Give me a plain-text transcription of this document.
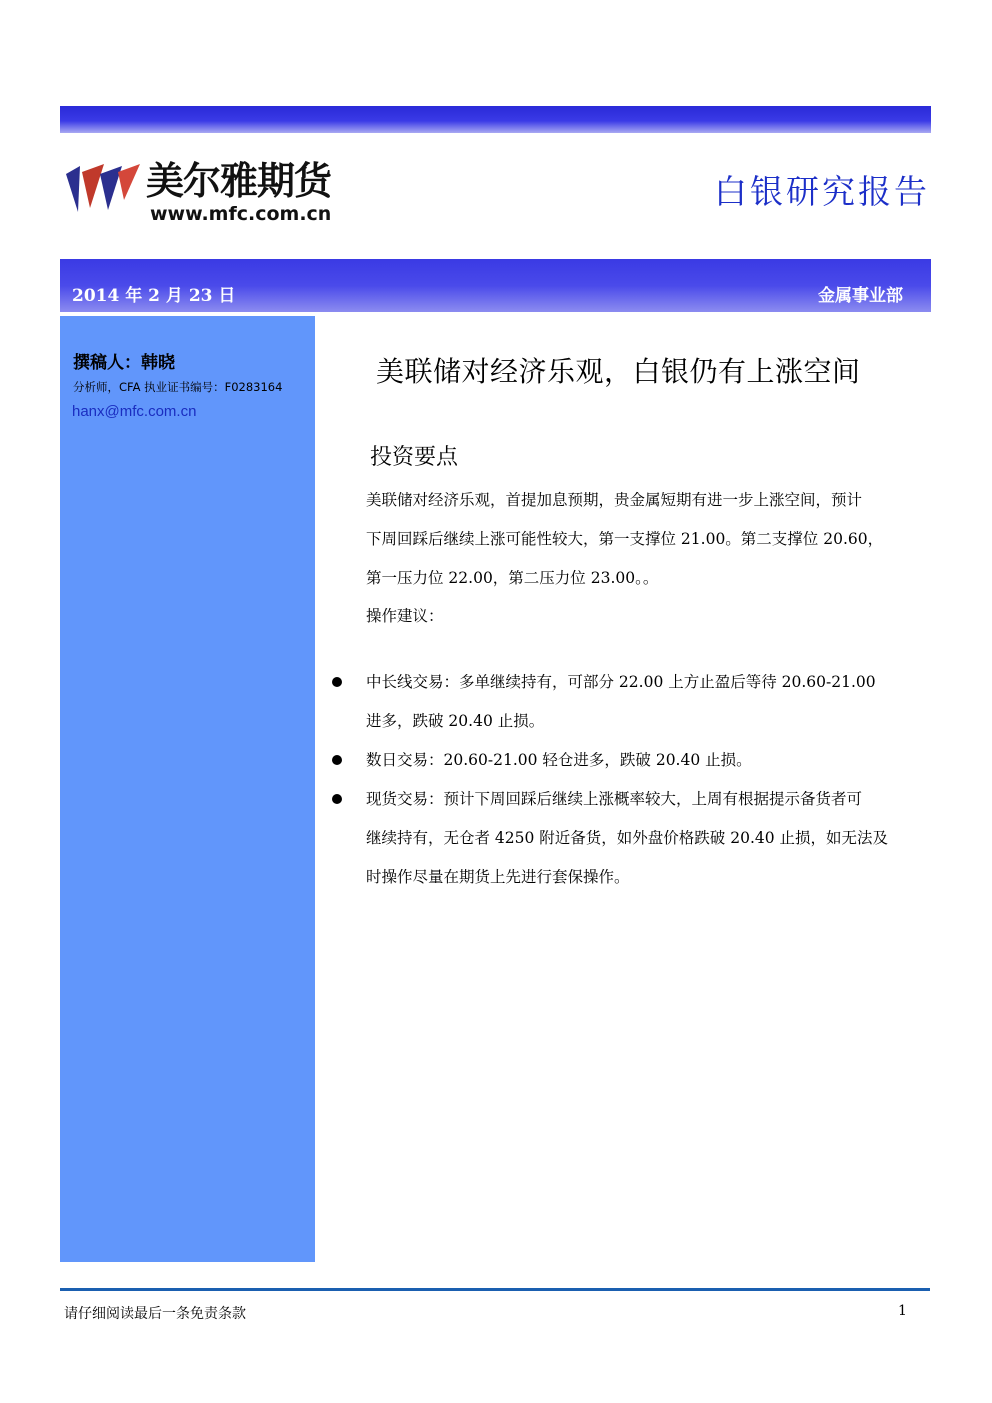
美尔雅期货
www.mfc.com.cn
白银研究报告
2014 年 2 月 23 日	金属事业部
撰稿人：韩晓
分析师，CFA 执业证书编号：F0283164
hanx@mfc.com.cn
美联储对经济乐观，白银仍有上涨空间
投资要点
美联储对经济乐观，首提加息预期，贵金属短期有进一步上涨空间，预计
下周回踩后继续上涨可能性较大，第一支撑位 21.00。第二支撑位 20.60，
第一压力位 22.00，第二压力位 23.00。。
操作建议：
中长线交易：多单继续持有，可部分 22.00 上方止盈后等待 20.60-21.00
进多，跌破 20.40 止损。
数日交易：20.60-21.00 轻仓进多，跌破 20.40 止损。
现货交易：预计下周回踩后继续上涨概率较大，上周有根据提示备货者可
继续持有，无仓者 4250 附近备货，如外盘价格跌破 20.40 止损，如无法及
时操作尽量在期货上先进行套保操作。
请仔细阅读最后一条免责条款	1
